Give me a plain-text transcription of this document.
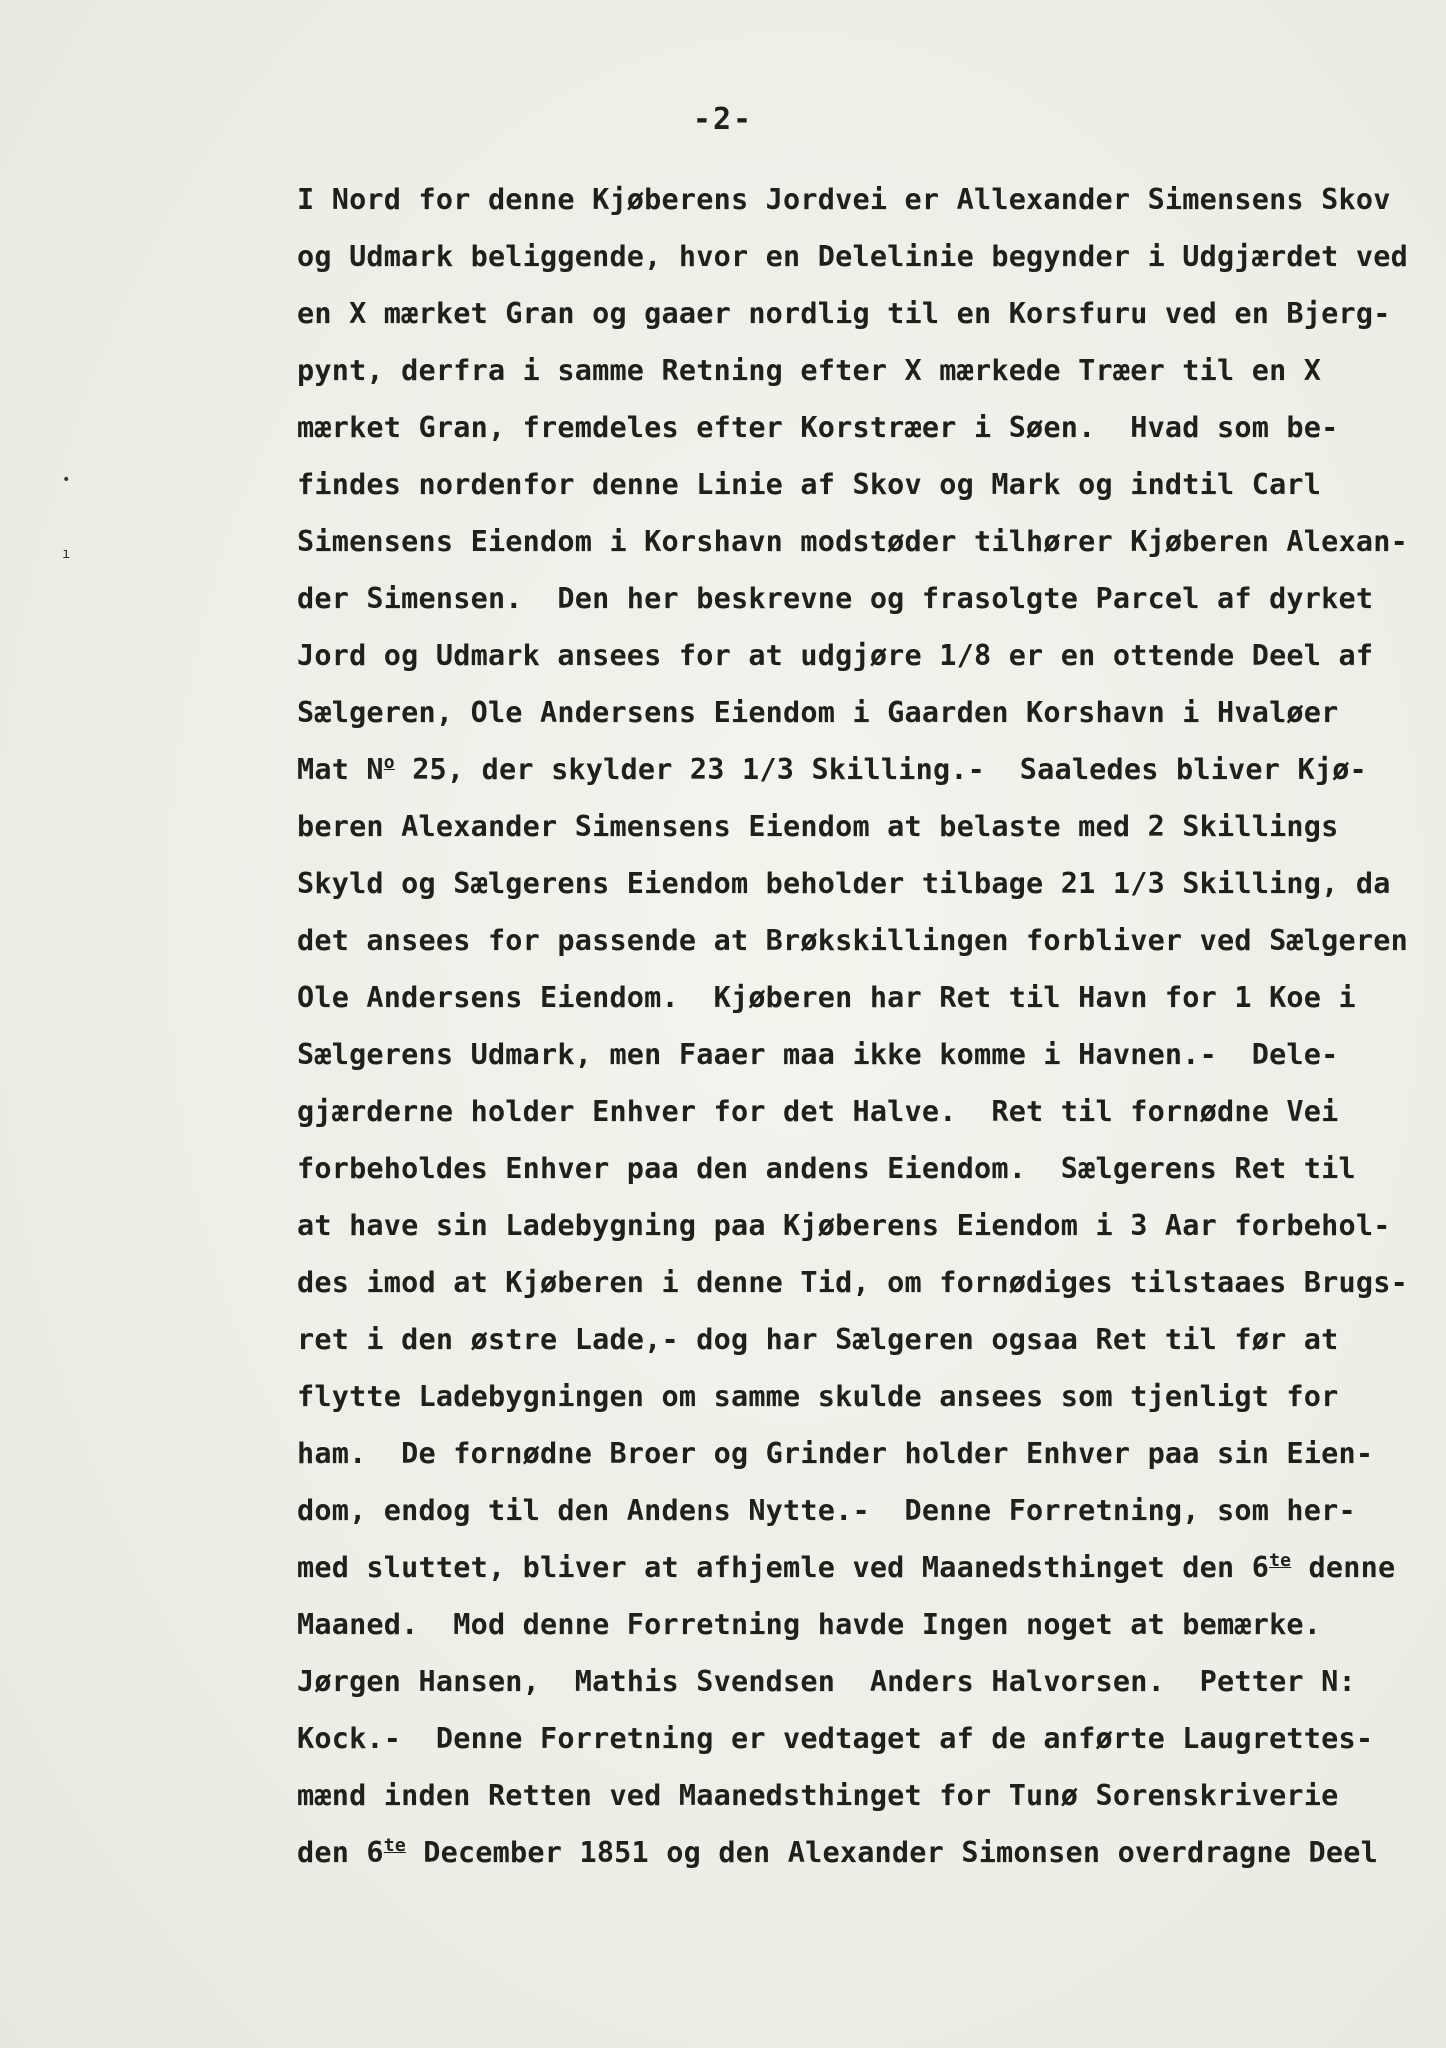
•
ı
-2-
I Nord for denne Kjøberens Jordvei er Allexander Simensens Skov
og Udmark beliggende, hvor en Delelinie begynder i Udgjærdet ved
en X mærket Gran og gaaer nordlig til en Korsfuru ved en Bjerg-
pynt, derfra i samme Retning efter X mærkede Træer til en X
mærket Gran, fremdeles efter Korstræer i Søen.  Hvad som be-
findes nordenfor denne Linie af Skov og Mark og indtil Carl
Simensens Eiendom i Korshavn modstøder tilhører Kjøberen Alexan-
der Simensen.  Den her beskrevne og frasolgte Parcel af dyrket
Jord og Udmark ansees for at udgjøre 1/8 er en ottende Deel af
Sælgeren, Ole Andersens Eiendom i Gaarden Korshavn i Hvaløer
Mat $N^o$ 25, der skylder 23 1/3 Skilling.-  Saaledes bliver Kjø-
beren Alexander Simensens Eiendom at belaste med 2 Skillings
Skyld og Sælgerens Eiendom beholder tilbage 21 1/3 Skilling, da
det ansees for passende at Brøkskillingen forbliver ved Sælgeren
Ole Andersens Eiendom.  Kjøberen har Ret til Havn for 1 Koe i
Sælgerens Udmark, men Faaer maa ikke komme i Havnen.-  Dele-
gjærderne holder Enhver for det Halve.  Ret til fornødne Vei
forbeholdes Enhver paa den andens Eiendom.  Sælgerens Ret til
at have sin Ladebygning paa Kjøberens Eiendom i 3 Aar forbehol-
des imod at Kjøberen i denne Tid, om fornødiges tilstaaes Brugs-
ret i den østre Lade,- dog har Sælgeren ogsaa Ret til før at
flytte Ladebygningen om samme skulde ansees som tjenligt for
ham.  De fornødne Broer og Grinder holder Enhver paa sin Eien-
dom, endog til den Andens Nytte.-  Denne Forretning, som her-
med sluttet, bliver at afhjemle ved Maanedsthinget den $6^{te}$ denne
Maaned.  Mod denne Forretning havde Ingen noget at bemærke.
Jørgen Hansen,  Mathis Svendsen  Anders Halvorsen.  Petter N:
Kock.-  Denne Forretning er vedtaget af de anførte Laugrettes-
mænd inden Retten ved Maanedsthinget for Tunø Sorenskriverie
den $6^{te}$ December 1851 og den Alexander Simonsen overdragne Deel
